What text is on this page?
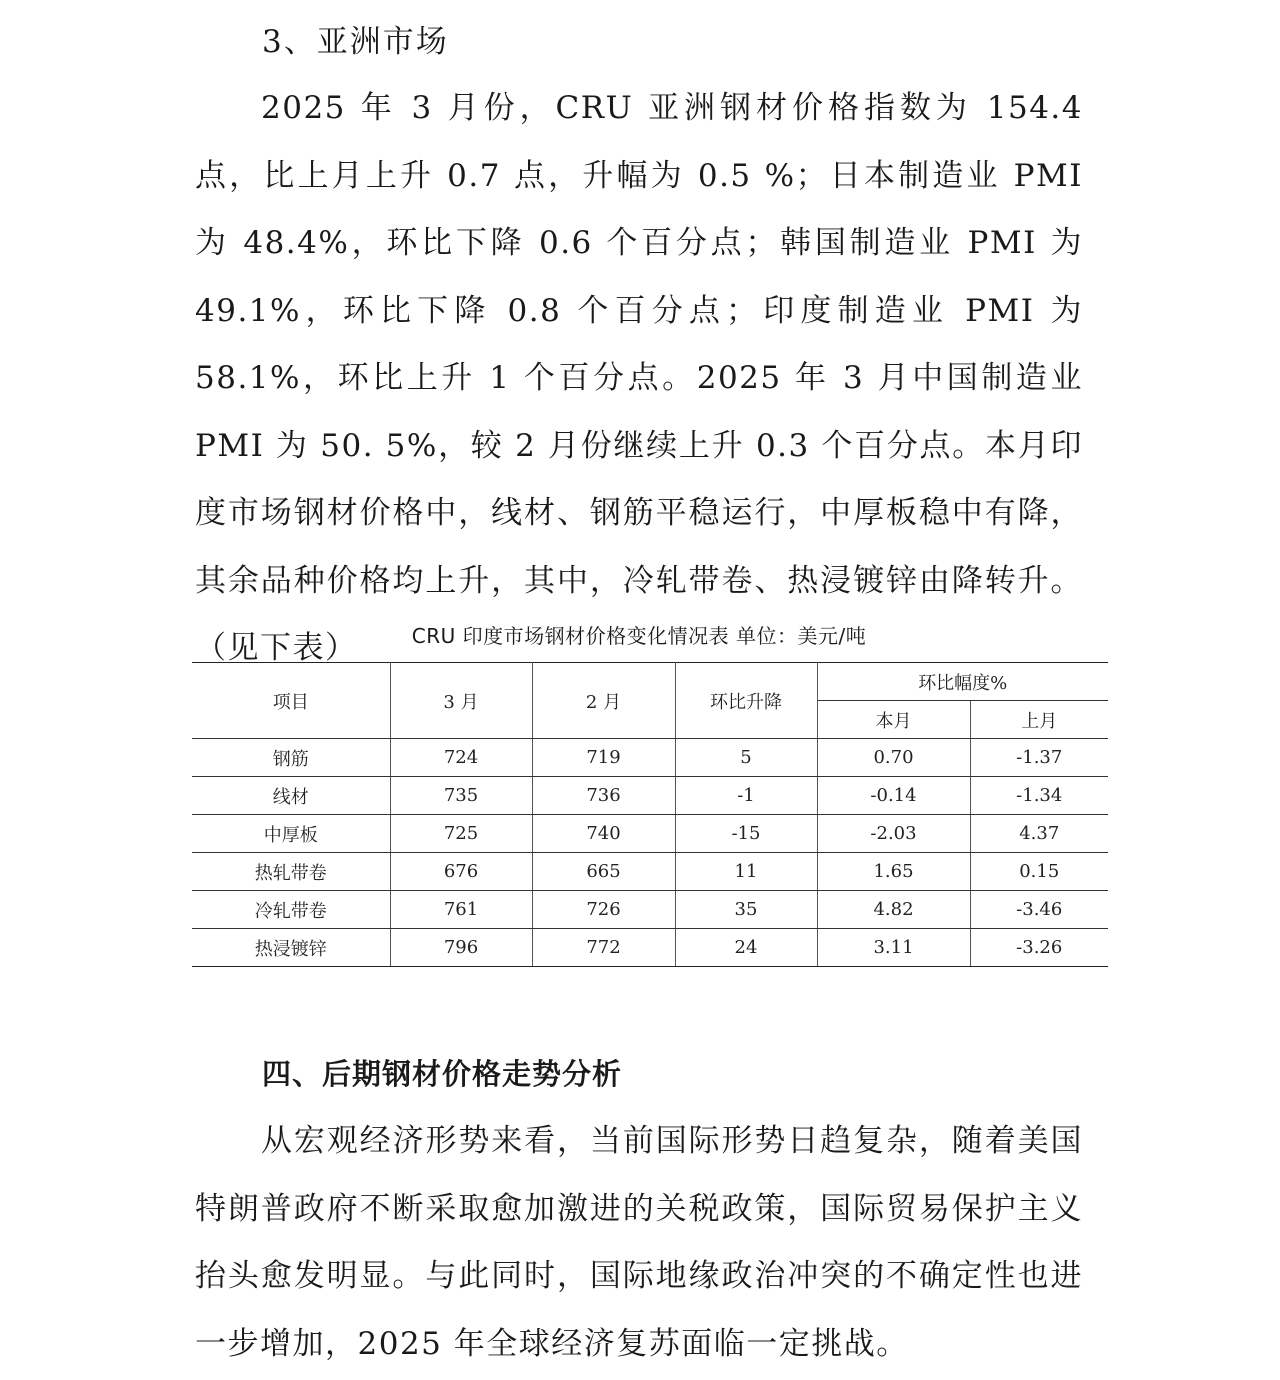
3、亚洲市场

2025 年 3 月份，CRU 亚洲钢材价格指数为 154.4 点，比上月上升 0.7 点，升幅为 0.5 %；日本制造业 PMI 为 48.4%，环比下降 0.6 个百分点；韩国制造业 PMI 为 49.1%，环比下降 0.8 个百分点；印度制造业 PMI 为 58.1%，环比上升 1 个百分点。2025 年 3 月中国制造业 PMI 为 50. 5%，较 2 月份继续上升 0.3 个百分点。本月印度市场钢材价格中，线材、钢筋平稳运行，中厚板稳中有降，其余品种价格均上升，其中，冷轧带卷、热浸镀锌由降转升。（见下表）	CRU 印度市场钢材价格变化情况表 单位：美元/吨
项目	3 月	2 月	环比升降	环比幅度%	
				本月	上月
钢筋	724	719	5	0.70	-1.37
线材	735	736	-1	-0.14	-1.34
中厚板	725	740	-15	-2.03	4.37
热轧带卷	676	665	11	1.65	0.15
冷轧带卷	761	726	35	4.82	-3.46
热浸镀锌	796	772	24	3.11	-3.26
四、后期钢材价格走势分析

从宏观经济形势来看，当前国际形势日趋复杂，随着美国特朗普政府不断采取愈加激进的关税政策，国际贸易保护主义抬头愈发明显。与此同时，国际地缘政治冲突的不确定性也进一步增加，2025 年全球经济复苏面临一定挑战。
